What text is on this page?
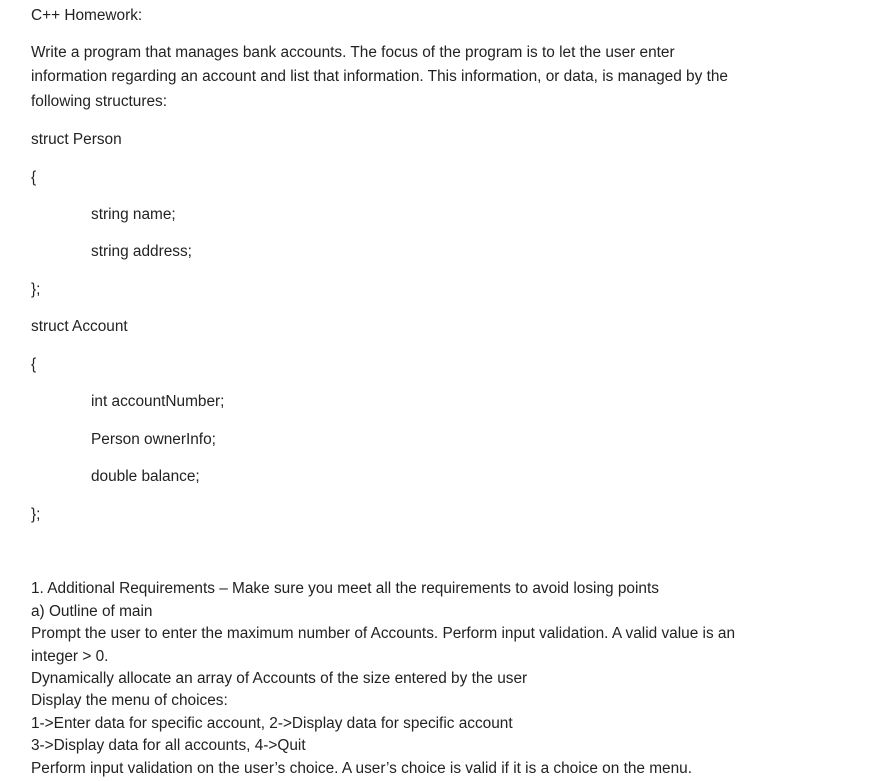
C++ Homework:
Write a program that manages bank accounts. The focus of the program is to let the user enter
information regarding an account and list that information. This information, or data, is managed by the
following structures:
struct Person
{
string name;
string address;
};
struct Account
{
int accountNumber;
Person ownerInfo;
double balance;
};
1. Additional Requirements – Make sure you meet all the requirements to avoid losing points
a) Outline of main
Prompt the user to enter the maximum number of Accounts. Perform input validation. A valid value is an
integer > 0.
Dynamically allocate an array of Accounts of the size entered by the user
Display the menu of choices:
1->Enter data for specific account, 2->Display data for specific account
3->Display data for all accounts, 4->Quit
Perform input validation on the user’s choice. A user’s choice is valid if it is a choice on the menu.
